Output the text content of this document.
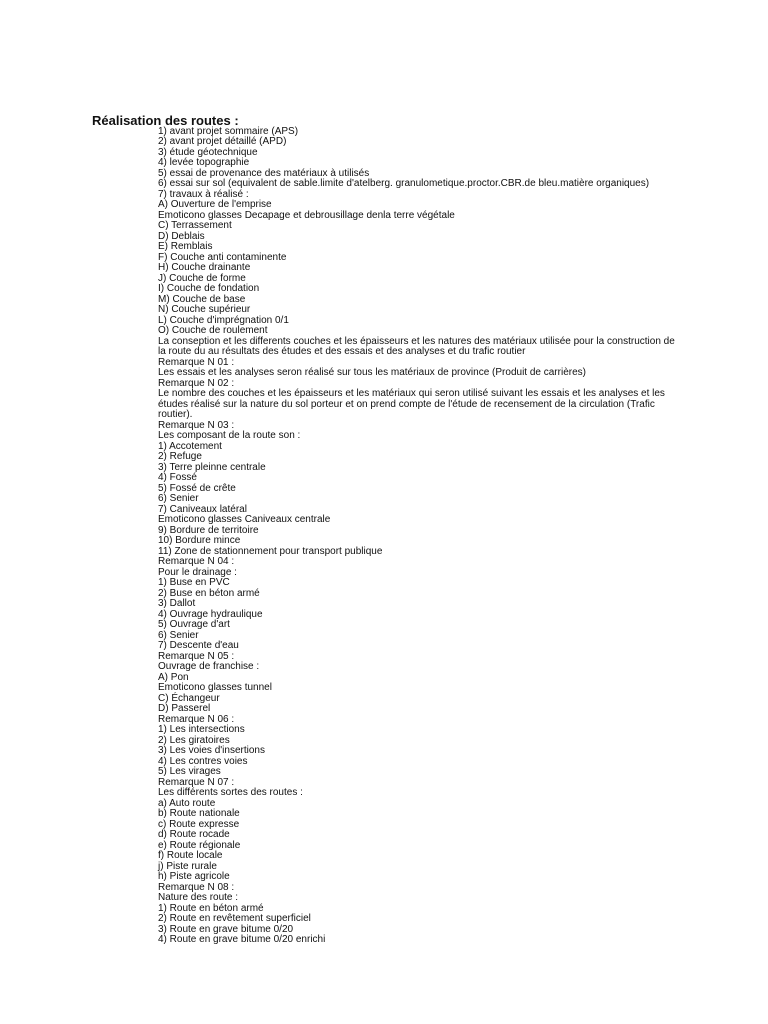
Réalisation des routes :
1) avant projet sommaire (APS)
2) avant projet détaillé (APD)
3) étude géotechnique
4) levée topographie
5) essai de provenance des matériaux à utilisés
6) essai sur sol (equivalent de sable.limite d'atelberg. granulometique.proctor.CBR.de bleu.matière organiques)
7) travaux à réalisé :
A) Ouverture de l'emprise
Emoticono glasses Decapage et debrousillage denla terre végétale
C) Terrassement
D) Deblais
E) Remblais
F) Couche anti contaminente
H) Couche drainante
J) Couche de forme
I) Couche de fondation
M) Couche de base
N) Couche supérieur
L) Couche d'imprégnation 0/1
O) Couche de roulement
La conseption et les differents couches et les épaisseurs et les natures des matériaux utilisée pour la construction de la route du au résultats des études et des essais et des analyses et du trafic routier
Remarque N 01 :
Les essais et les analyses seron réalisé sur tous les matériaux de province (Produit de carrières)
Remarque N 02 :
Le nombre des couches et les épaisseurs et les matériaux qui seron utilisé suivant les essais et les analyses et les études réalisé sur la nature du sol porteur et on prend compte de l'étude de recensement de la circulation (Trafic routier).
Remarque N 03 :
Les composant de la route son :
1) Accotement
2) Refuge
3) Terre pleinne centrale
4) Fossé
5) Fossé de crête
6) Senier
7) Caniveaux latéral
Emoticono glasses Caniveaux centrale
9) Bordure de territoire
10) Bordure mince
11) Zone de stationnement pour transport publique
Remarque N 04 :
Pour le drainage :
1) Buse en PVC
2) Buse en béton armé
3) Dallot
4) Ouvrage hydraulique
5) Ouvrage d'art
6) Senier
7) Descente d'eau
Remarque N 05 :
Ouvrage de franchise :
A) Pon
Emoticono glasses tunnel
C) Échangeur
D) Passerel
Remarque N 06 :
1) Les intersections
2) Les giratoires
3) Les voies d'insertions
4) Les contres voies
5) Les virages
Remarque N 07 :
Les différents sortes des routes :
a) Auto route
b) Route nationale
c) Route expresse
d) Route rocade
e) Route régionale
f) Route locale
j) Piste rurale
h) Piste agricole
Remarque N 08 :
Nature des route :
1) Route en béton armé
2) Route en revêtement superficiel
3) Route en grave bitume 0/20
4) Route en grave bitume 0/20 enrichi
